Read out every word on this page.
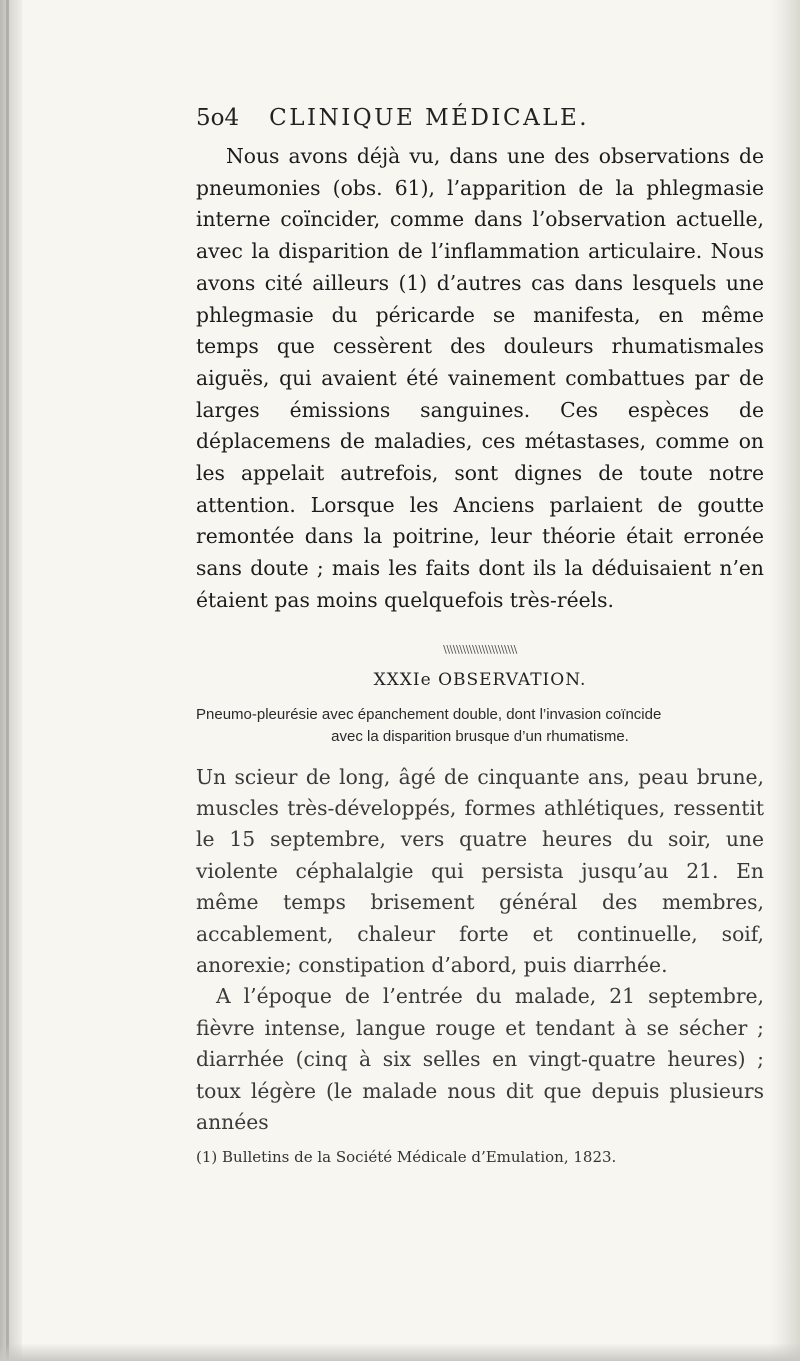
5o4 CLINIQUE MÉDICALE.

Nous avons déjà vu, dans une des observations de pneumonies (obs. 61), l’apparition de la phlegmasie interne coïncider, comme dans l’observation actuelle, avec la disparition de l’inflammation articulaire. Nous avons cité ailleurs (1) d’autres cas dans lesquels une phlegmasie du péricarde se manifesta, en même temps que cessèrent des douleurs rhumatismales aiguës, qui avaient été vainement combattues par de larges émissions sanguines. Ces espèces de déplacemens de maladies, ces métastases, comme on les appelait autrefois, sont dignes de toute notre attention. Lorsque les Anciens parlaient de goutte remontée dans la poitrine, leur théorie était erronée sans doute ; mais les faits dont ils la déduisaient n’en étaient pas moins quelquefois très-réels.

\\\\\\\\\\\\\\\\\\\\\\\
XXXIe OBSERVATION.
Pneumo-pleurésie avec épanchement double, dont l’invasion coïncide
avec la disparition brusque d’un rhumatisme.

Un scieur de long, âgé de cinquante ans, peau brune, muscles très-développés, formes athlétiques, ressentit le 15 septembre, vers quatre heures du soir, une violente céphalalgie qui persista jusqu’au 21. En même temps brisement général des membres, accablement, chaleur forte et continuelle, soif, anorexie; constipation d’abord, puis diarrhée.

A l’époque de l’entrée du malade, 21 septembre, fièvre intense, langue rouge et tendant à se sécher ; diarrhée (cinq à six selles en vingt-quatre heures) ; toux légère (le malade nous dit que depuis plusieurs années

(1) Bulletins de la Société Médicale d’Emulation, 1823.
